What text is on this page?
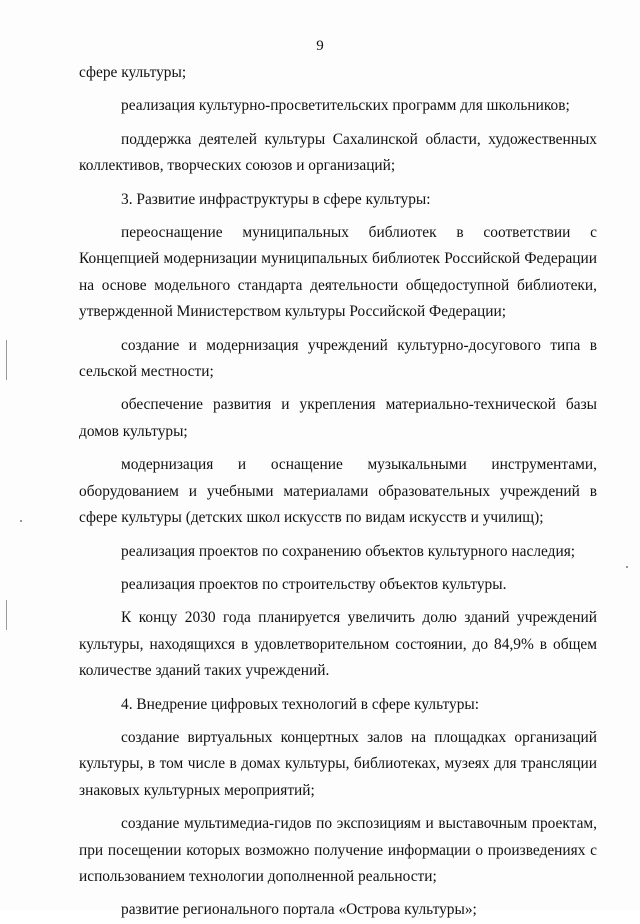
9

сфере культуры;

реализация культурно-просветительских программ для школьников;

поддержка деятелей культуры Сахалинской области, художественных коллективов, творческих союзов и организаций;

3. Развитие инфраструктуры в сфере культуры:

переоснащение муниципальных библиотек в соответствии с Концепцией модернизации муниципальных библиотек Российской Федерации на основе модельного стандарта деятельности общедоступной библиотеки, утвержденной Министерством культуры Российской Федерации;

создание и модернизация учреждений культурно-досугового типа в сельской местности;

обеспечение развития и укрепления материально-технической базы домов культуры;

модернизация и оснащение музыкальными инструментами, оборудованием и учебными материалами образовательных учреждений в сфере культуры (детских школ искусств по видам искусств и училищ);

реализация проектов по сохранению объектов культурного наследия;

реализация проектов по строительству объектов культуры.

К концу 2030 года планируется увеличить долю зданий учреждений культуры, находящихся в удовлетворительном состоянии, до 84,9% в общем количестве зданий таких учреждений.

4. Внедрение цифровых технологий в сфере культуры:

создание виртуальных концертных залов на площадках организаций культуры, в том числе в домах культуры, библиотеках, музеях для трансляции знаковых культурных мероприятий;

создание мультимедиа-гидов по экспозициям и выставочным проектам, при посещении которых возможно получение информации о произведениях с использованием технологии дополненной реальности;

развитие регионального портала «Острова культуры»;
